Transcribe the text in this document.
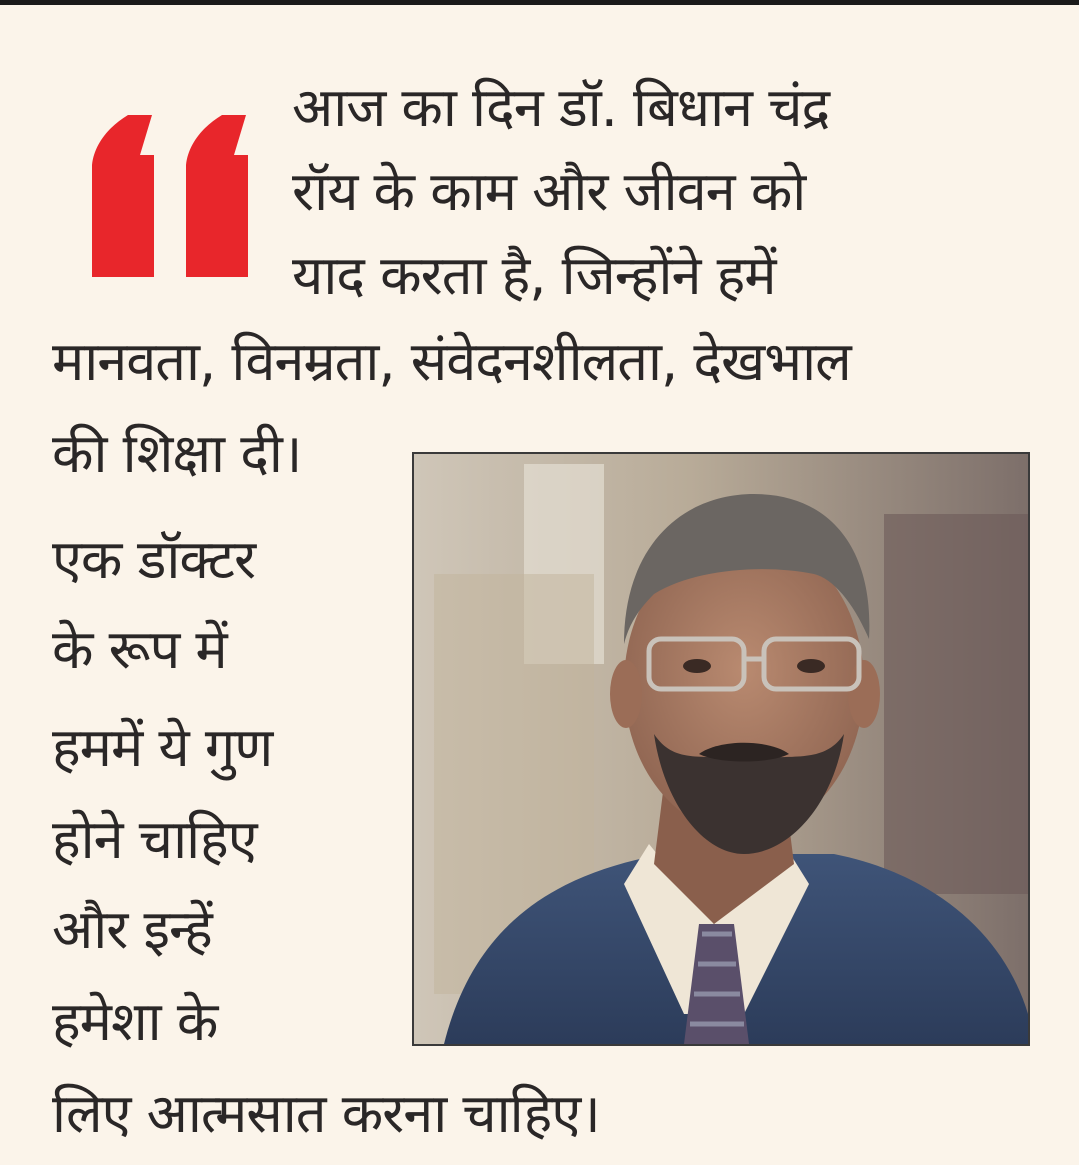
आज का दिन डॉ. बिधान चंद्र
रॉय के काम और जीवन को
याद करता है, जिन्होंने हमें
मानवता, विनम्रता, संवेदनशीलता, देखभाल
की शिक्षा दी।
एक डॉक्टर
के रूप में
हममें ये गुण
होने चाहिए
और इन्हें
हमेशा के
लिए आत्मसात करना चाहिए।
